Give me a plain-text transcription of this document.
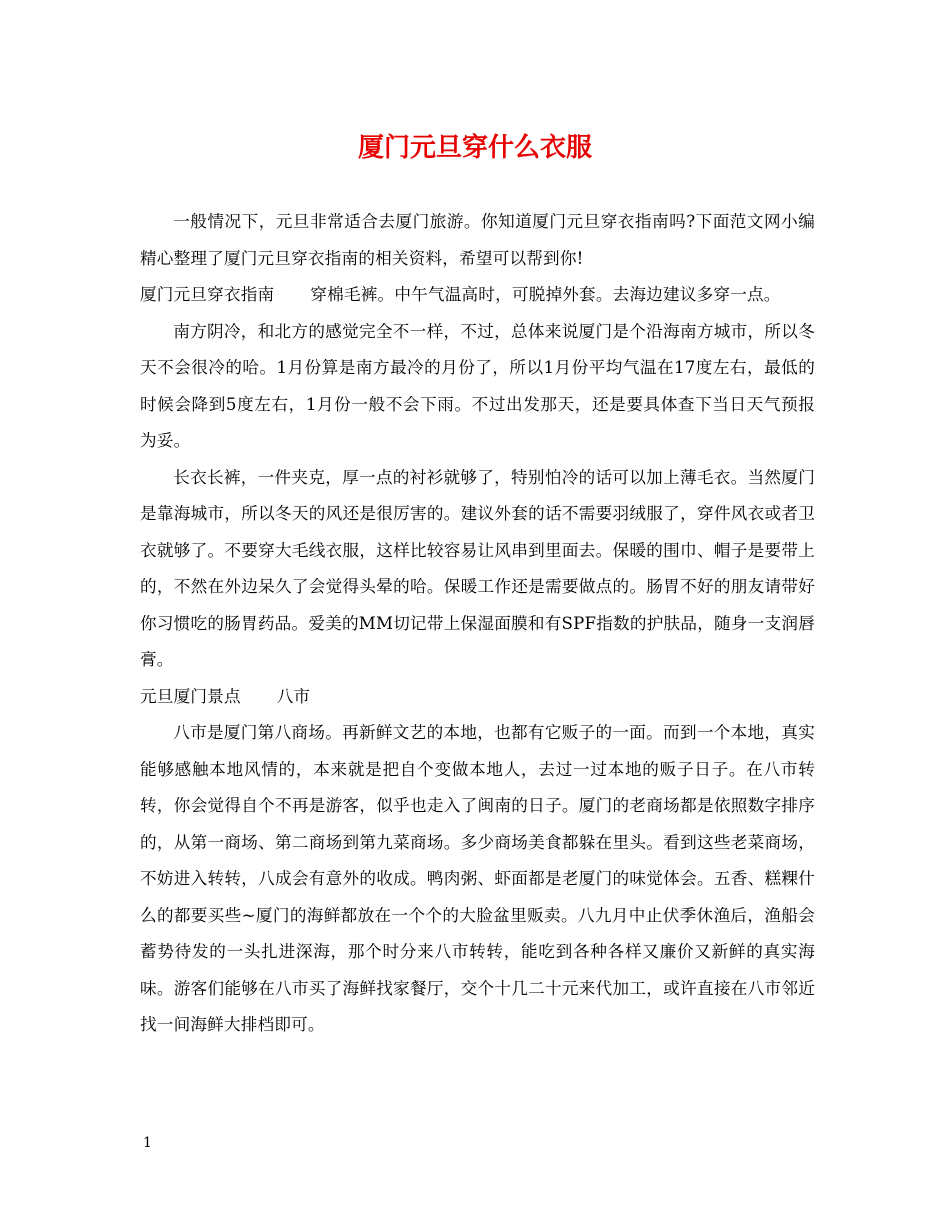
厦门元旦穿什么衣服

一般情况下，元旦非常适合去厦门旅游。你知道厦门元旦穿衣指南吗?下面范文网小编精心整理了厦门元旦穿衣指南的相关资料，希望可以帮到你!

厦门元旦穿衣指南 穿棉毛裤。中午气温高时，可脱掉外套。去海边建议多穿一点。

南方阴冷，和北方的感觉完全不一样，不过，总体来说厦门是个沿海南方城市，所以冬天不会很冷的哈。1月份算是南方最冷的月份了，所以1月份平均气温在17度左右，最低的时候会降到5度左右，1月份一般不会下雨。不过出发那天，还是要具体查下当日天气预报为妥。

长衣长裤，一件夹克，厚一点的衬衫就够了，特别怕冷的话可以加上薄毛衣。当然厦门是靠海城市，所以冬天的风还是很厉害的。建议外套的话不需要羽绒服了，穿件风衣或者卫衣就够了。不要穿大毛线衣服，这样比较容易让风串到里面去。保暖的围巾、帽子是要带上的，不然在外边呆久了会觉得头晕的哈。保暖工作还是需要做点的。肠胃不好的朋友请带好你习惯吃的肠胃药品。爱美的MM切记带上保湿面膜和有SPF指数的护肤品，随身一支润唇膏。

元旦厦门景点 八市

八市是厦门第八商场。再新鲜文艺的本地，也都有它贩子的一面。而到一个本地，真实能够感触本地风情的，本来就是把自个变做本地人，去过一过本地的贩子日子。在八市转转，你会觉得自个不再是游客，似乎也走入了闽南的日子。厦门的老商场都是依照数字排序的，从第一商场、第二商场到第九菜商场。多少商场美食都躲在里头。看到这些老菜商场，不妨进入转转，八成会有意外的收成。鸭肉粥、虾面都是老厦门的味觉体会。五香、糕粿什么的都要买些~厦门的海鲜都放在一个个的大脸盆里贩卖。八九月中止伏季休渔后，渔船会蓄势待发的一头扎进深海，那个时分来八市转转，能吃到各种各样又廉价又新鲜的真实海味。游客们能够在八市买了海鲜找家餐厅，交个十几二十元来代加工，或许直接在八市邻近找一间海鲜大排档即可。

1
